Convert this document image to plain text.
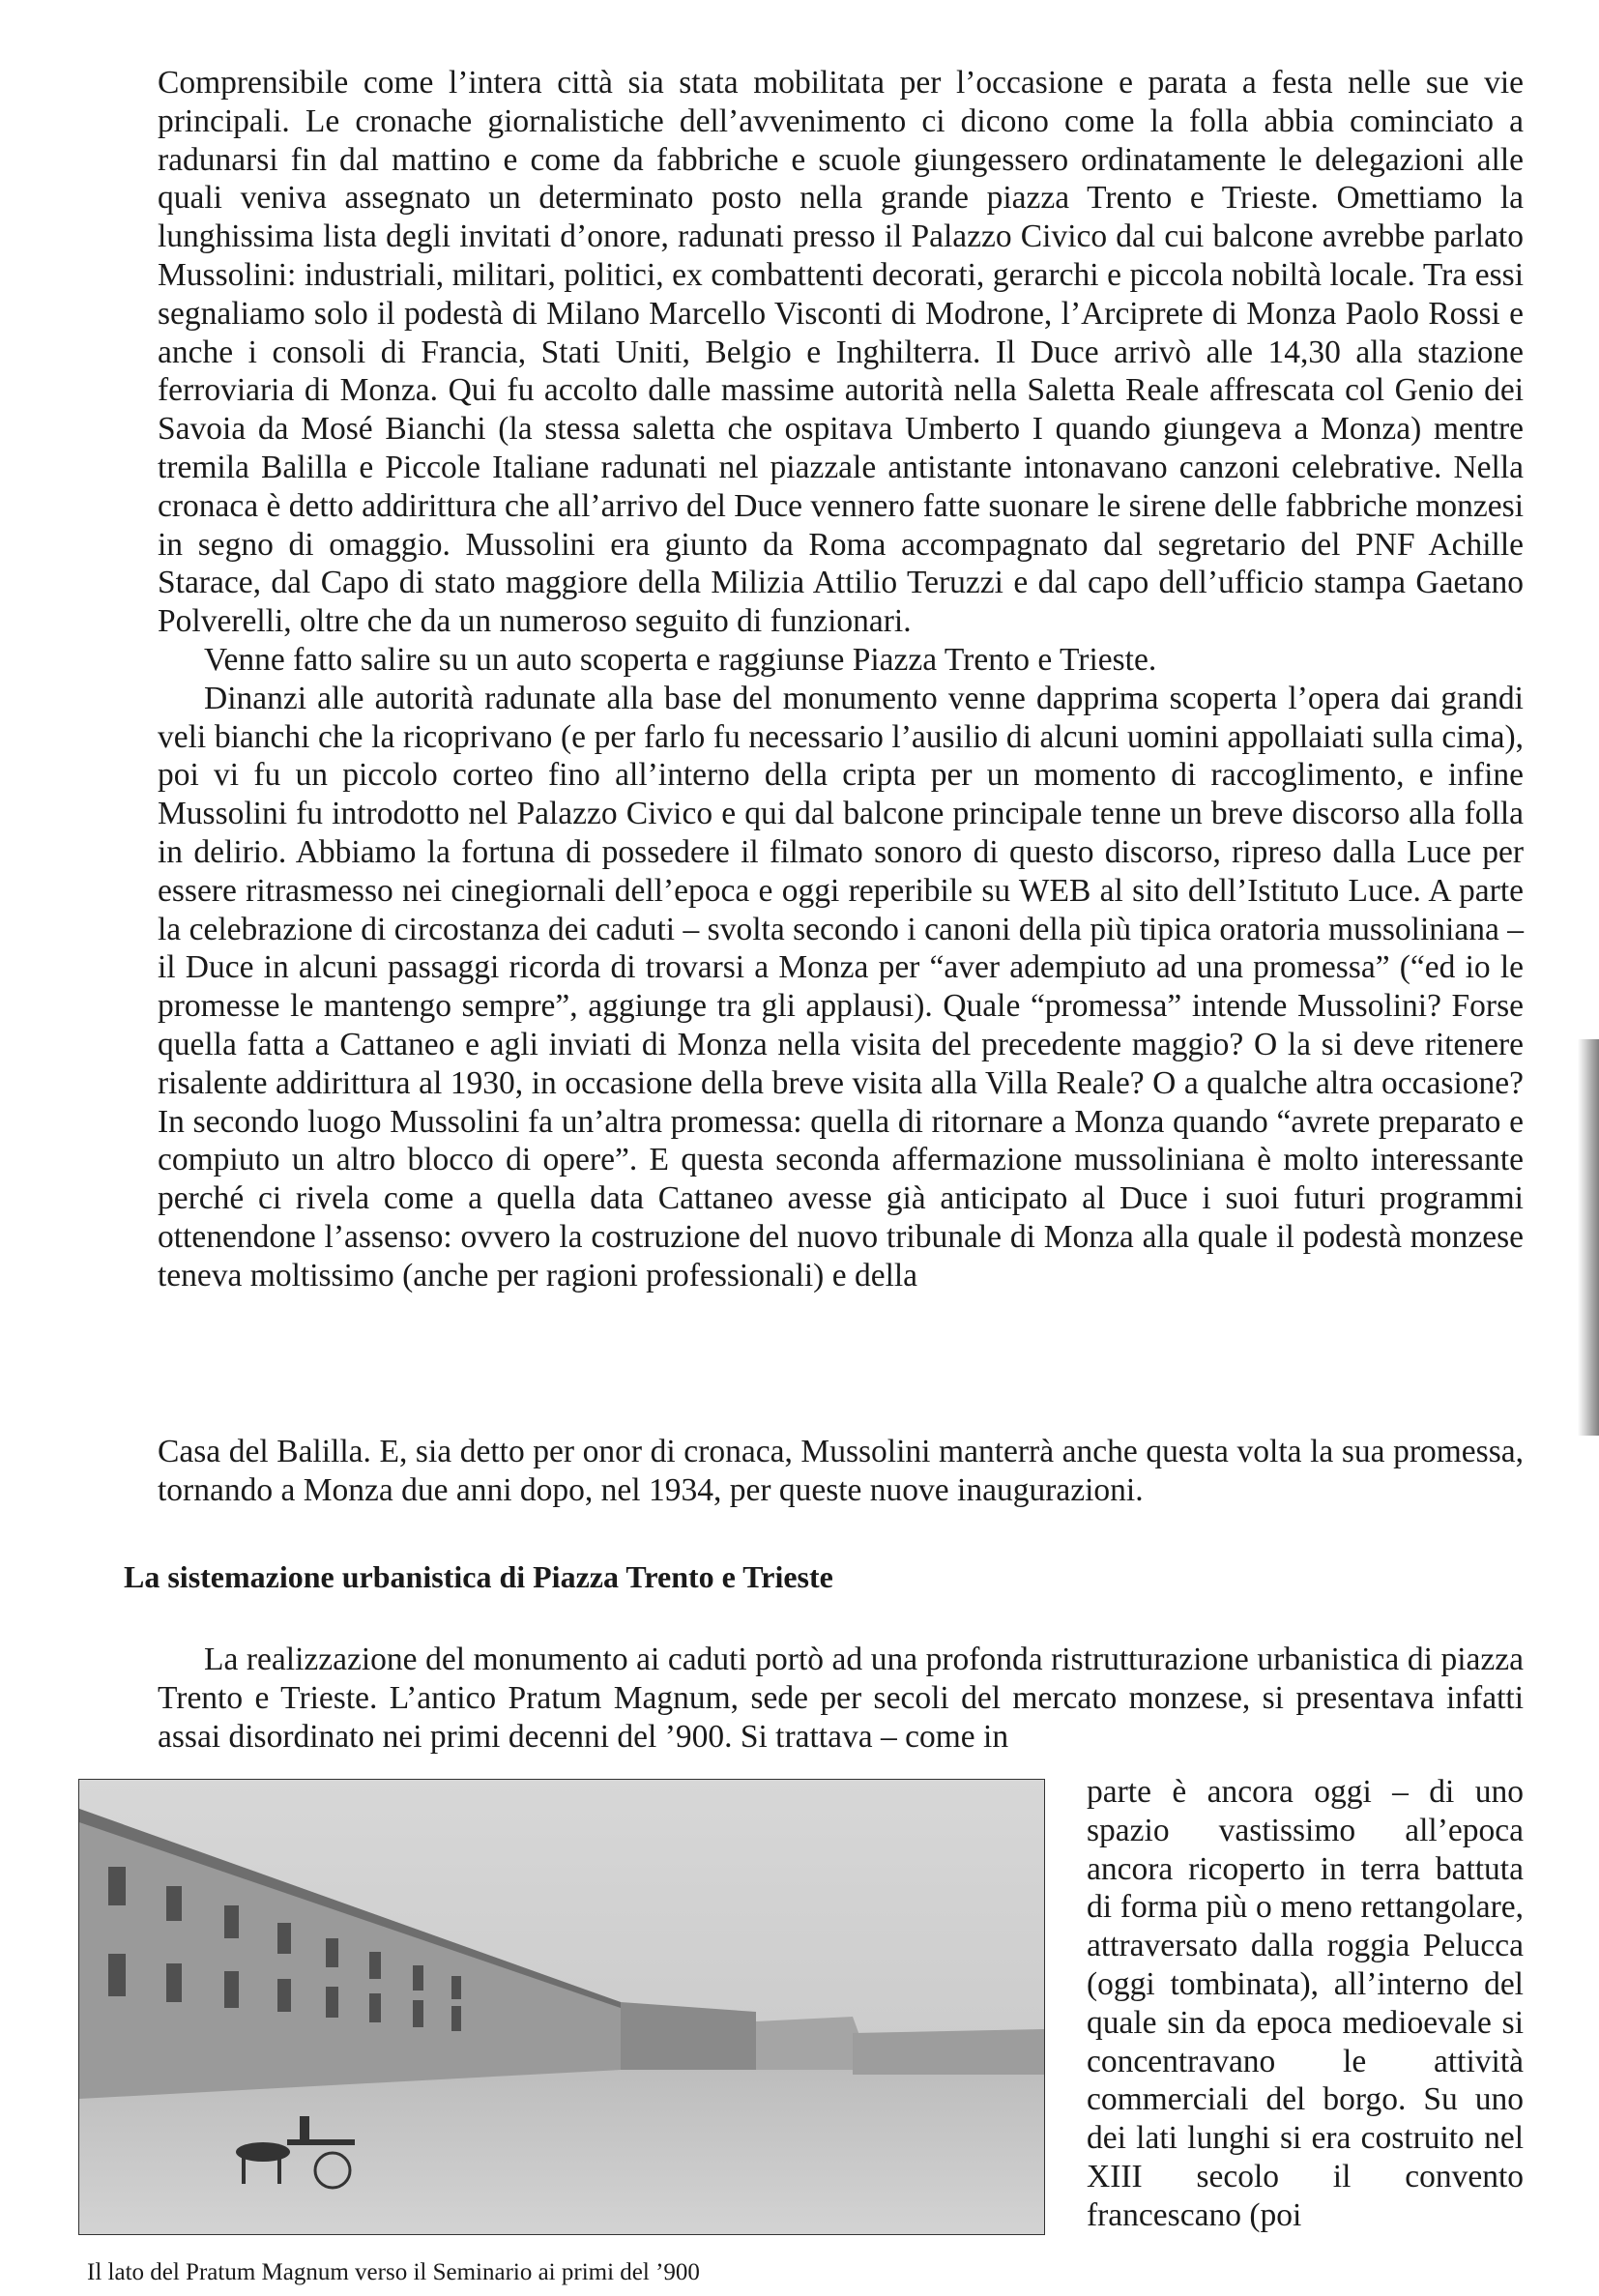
Comprensibile come l’intera città sia stata mobilitata per l’occasione e parata a festa nelle sue vie principali. Le cronache giornalistiche dell’avvenimento ci dicono come la folla abbia cominciato a radunarsi fin dal mattino e come da fabbriche e scuole giungessero ordinatamente le delegazioni alle quali veniva assegnato un determinato posto nella grande piazza Trento e Trieste. Omettiamo la lunghissima lista degli invitati d’onore, radunati presso il Palazzo Civico dal cui balcone avrebbe parlato Mussolini: industriali, militari, politici, ex combattenti decorati, gerarchi e piccola nobiltà locale. Tra essi segnaliamo solo il podestà di Milano Marcello Visconti di Modrone, l’Arciprete di Monza Paolo Rossi e anche i consoli di Francia, Stati Uniti, Belgio e Inghilterra. Il Duce arrivò alle 14,30 alla stazione ferroviaria di Monza. Qui fu accolto dalle massime autorità nella Saletta Reale affrescata col Genio dei Savoia da Mosé Bianchi (la stessa saletta che ospitava Umberto I quando giungeva a Monza) mentre tremila Balilla e Piccole Italiane radunati nel piazzale antistante intonavano canzoni celebrative. Nella cronaca è detto addirittura che all’arrivo del Duce vennero fatte suonare le sirene delle fabbriche monzesi in segno di omaggio. Mussolini era giunto da Roma accompagnato dal segretario del PNF Achille Starace, dal Capo di stato maggiore della Milizia Attilio Teruzzi e dal capo dell’ufficio stampa Gaetano Polverelli, oltre che da un numeroso seguito di funzionari.

Venne fatto salire su un auto scoperta e raggiunse Piazza Trento e Trieste.

Dinanzi alle autorità radunate alla base del monumento venne dapprima scoperta l’opera dai grandi veli bianchi che la ricoprivano (e per farlo fu necessario l’ausilio di alcuni uomini appollaiati sulla cima), poi vi fu un piccolo corteo fino all’interno della cripta per un momento di raccoglimento, e infine Mussolini fu introdotto nel Palazzo Civico e qui dal balcone principale tenne un breve discorso alla folla in delirio. Abbiamo la fortuna di possedere il filmato sonoro di questo discorso, ripreso dalla Luce per essere ritrasmesso nei cinegiornali dell’epoca e oggi reperibile su WEB al sito dell’Istituto Luce. A parte la celebrazione di circostanza dei caduti – svolta secondo i canoni della più tipica oratoria mussoliniana – il Duce in alcuni passaggi ricorda di trovarsi a Monza per “aver adempiuto ad una promessa” (“ed io le promesse le mantengo sempre”, aggiunge tra gli applausi). Quale “promessa” intende Mussolini? Forse quella fatta a Cattaneo e agli inviati di Monza nella visita del precedente maggio? O la si deve ritenere risalente addirittura al 1930, in occasione della breve visita alla Villa Reale? O a qualche altra occasione? In secondo luogo Mussolini fa un’altra promessa: quella di ritornare a Monza quando “avrete preparato e compiuto un altro blocco di opere”. E questa seconda affermazione mussoliniana è molto interessante perché ci rivela come a quella data Cattaneo avesse già anticipato al Duce i suoi futuri programmi ottenendone l’assenso: ovvero la costruzione del nuovo tribunale di Monza alla quale il podestà monzese teneva moltissimo (anche per ragioni professionali) e della

Casa del Balilla. E, sia detto per onor di cronaca, Mussolini manterrà anche questa volta la sua promessa, tornando a Monza due anni dopo, nel 1934, per queste nuove inaugurazioni.

La sistemazione urbanistica di Piazza Trento e Trieste

La realizzazione del monumento ai caduti portò ad una profonda ristrutturazione urbanistica di piazza Trento e Trieste. L’antico Pratum Magnum, sede per secoli del mercato monzese, si presentava infatti assai disordinato nei primi decenni del ’900. Si trattava – come in

parte è ancora oggi – di uno spazio vastissimo all’epoca ancora ricoperto in terra battuta di forma più o meno rettangolare, attraversato dalla roggia Pelucca (oggi tombinata), all’interno del quale sin da epoca medioevale si concentravano le attività commerciali del borgo. Su uno dei lati lunghi si era costruito nel XIII secolo il convento francescano (poi

Il lato del Pratum Magnum verso il Seminario ai primi del ’900
